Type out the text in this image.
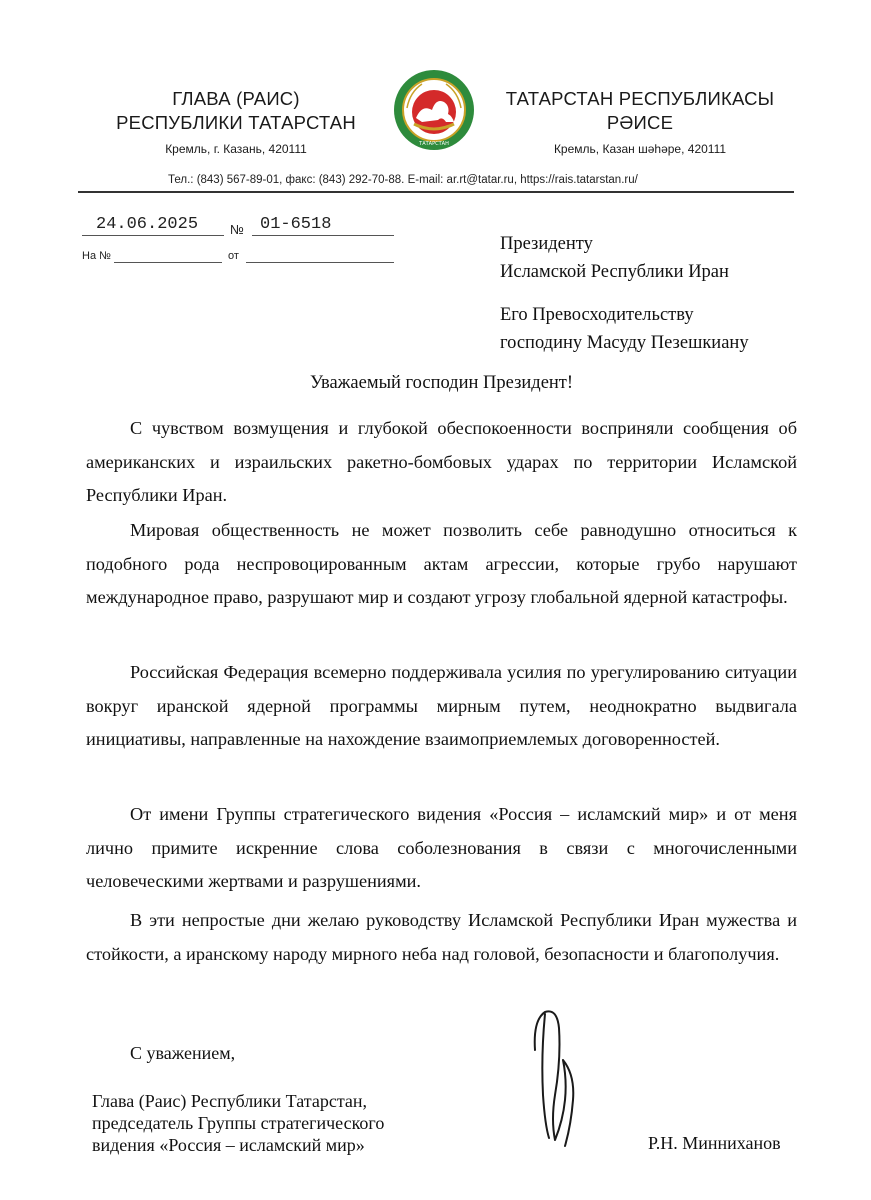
ГЛАВА (РАИС)
РЕСПУБЛИКИ ТАТАРСТАН
Кремль, г. Казань, 420111	ТАТАРСТАН
ТАТАРСТАН РЕСПУБЛИКАСЫ
РӘИСЕ
Кремль, Казан шәһәре, 420111
Тел.: (843) 567-89-01, факс: (843) 292-70-88. E-mail: ar.rt@tatar.ru, https://rais.tatarstan.ru/
24.06.2025 № 01-6518
На №	от
Президенту
Исламской Республики Иран
Его Превосходительству
господину Масуду Пезешкиану
Уважаемый господин Президент!

С чувством возмущения и глубокой обеспокоенности восприняли сообщения об американских и израильских ракетно-бомбовых ударах по территории Исламской Республики Иран.

Мировая общественность не может позволить себе равнодушно относиться к подобного рода неспровоцированным актам агрессии, которые грубо нарушают международное право, разрушают мир и создают угрозу глобальной ядерной катастрофы.

Российская Федерация всемерно поддерживала усилия по урегулированию ситуации вокруг иранской ядерной программы мирным путем, неоднократно выдвигала инициативы, направленные на нахождение взаимоприемлемых договоренностей.

От имени Группы стратегического видения «Россия – исламский мир» и от меня лично примите искренние слова соболезнования в связи с многочисленными человеческими жертвами и разрушениями.

В эти непростые дни желаю руководству Исламской Республики Иран мужества и стойкости, а иранскому народу мирного неба над головой, безопасности и благополучия.

С уважением,
Глава (Раис) Республики Татарстан,
председатель Группы стратегического
видения «Россия – исламский мир»	Р.Н. Минниханов
